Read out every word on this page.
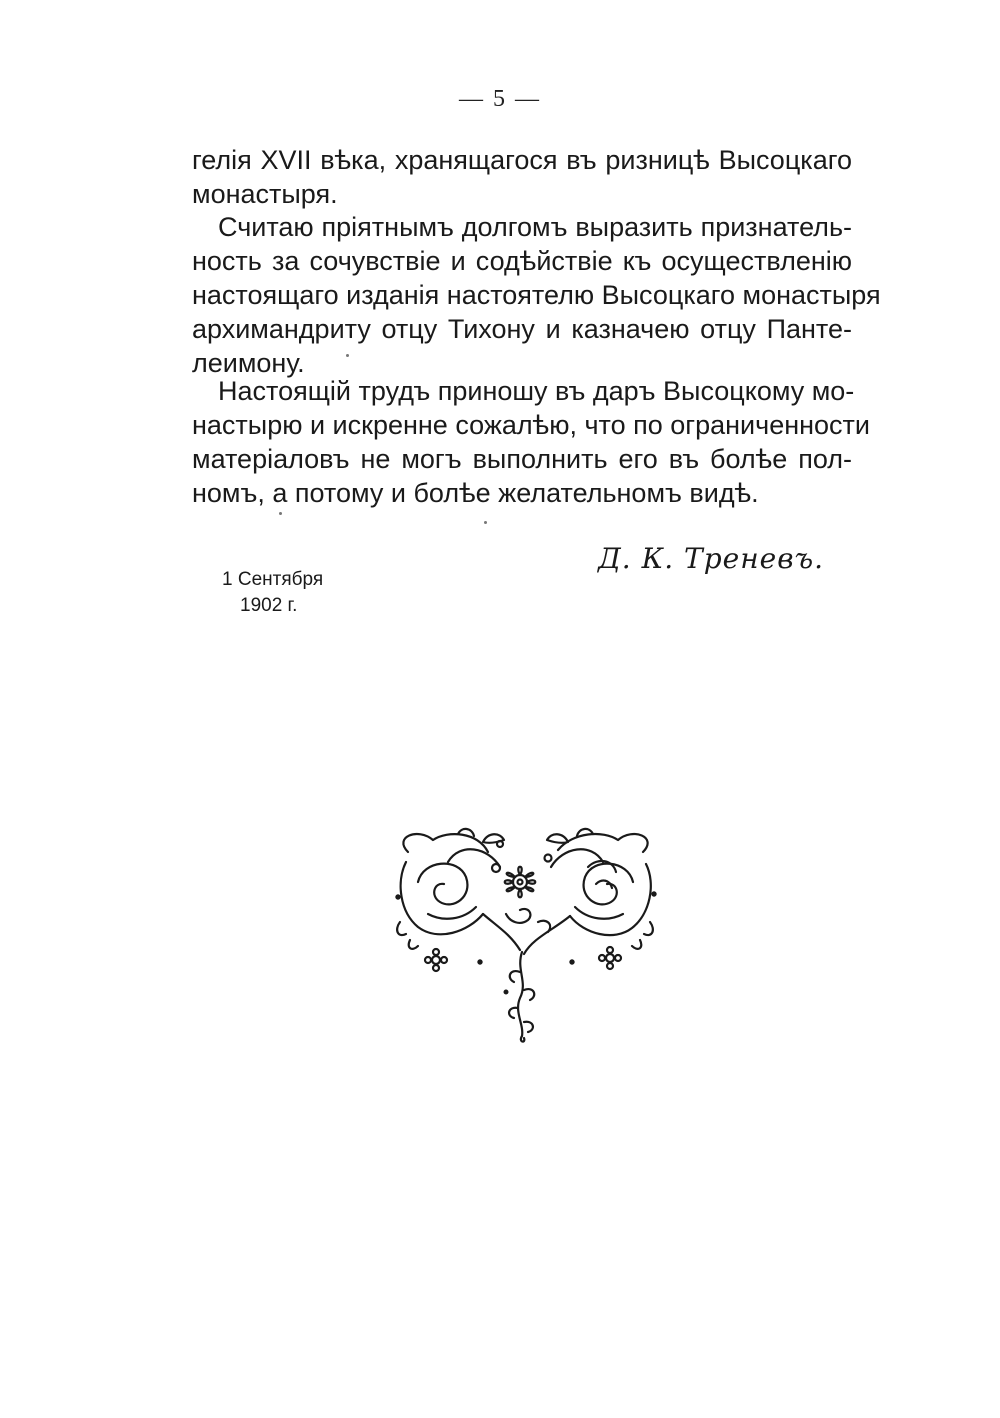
— 5 —
гелія XVII вѣка, хранящагося въ ризницѣ Высоцкаго
монастыря.
Считаю пріятнымъ долгомъ выразить признатель-
ность за сочувствіе и содѣйствіе къ осуществленію
настоящаго изданія настоятелю Высоцкаго монастыря
архимандриту отцу Тихону и казначею отцу Панте-
леимону.
Настоящій трудъ приношу въ даръ Высоцкому мо-
настырю и искренне сожалѣю, что по ограниченности
матеріаловъ не могъ выполнить его въ болѣе пол-
номъ, а потому и болѣе желательномъ видѣ.
Д. К. Треневъ.
1 Сентября
1902 г.
